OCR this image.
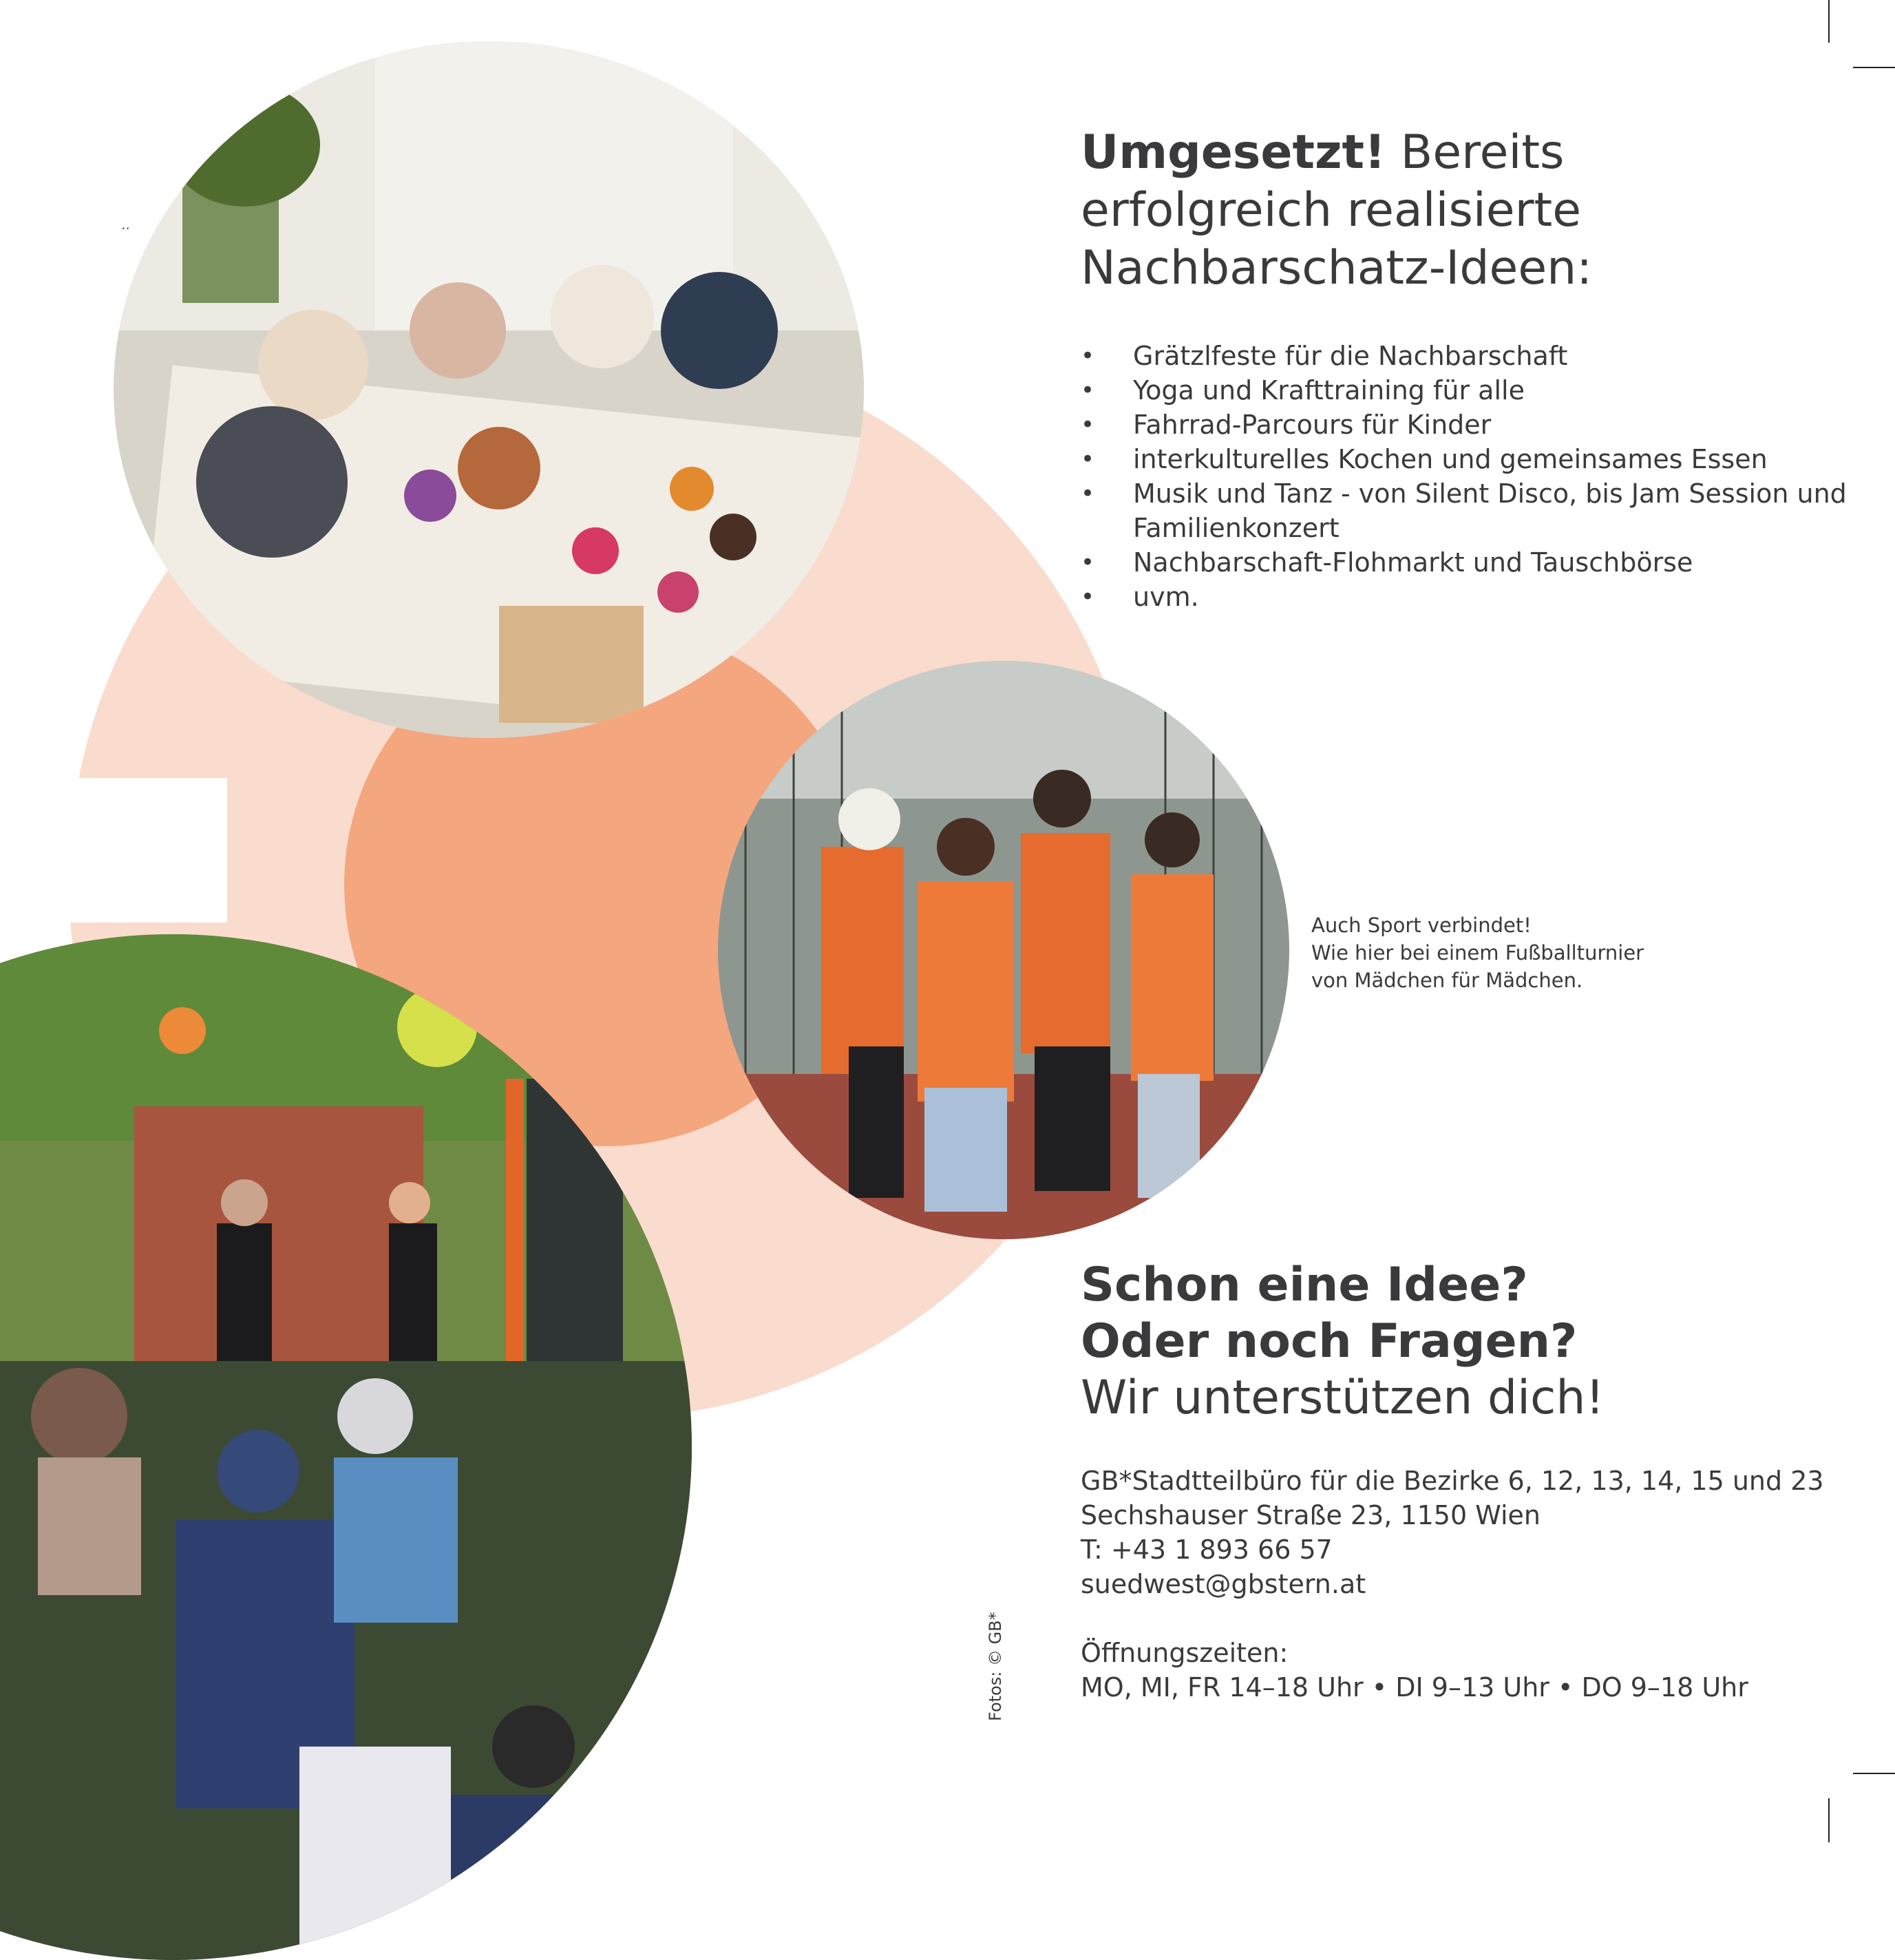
..
Umgesetzt! Bereits
erfolgreich realisierte
Nachbarschatz-Ideen:
• Grätzlfeste für die Nachbarschaft
• Yoga und Krafttraining für alle
• Fahrrad-Parcours für Kinder
• interkulturelles Kochen und gemeinsames Essen
• Musik und Tanz - von Silent Disco, bis Jam Session und Familienkonzert
• Nachbarschaft-Flohmarkt und Tauschbörse
• uvm.
Auch Sport verbindet!
Wie hier bei einem Fußballturnier
von Mädchen für Mädchen.
Schon eine Idee?
Oder noch Fragen?
Wir unterstützen dich!
GB*Stadtteilbüro für die Bezirke 6, 12, 13, 14, 15 und 23
Sechshauser Straße 23, 1150 Wien
T: +43 1 893 66 57
suedwest@gbstern.at
Öffnungszeiten:
MO, MI, FR 14–18 Uhr • DI 9–13 Uhr • DO 9–18 Uhr
Fotos: © GB*
